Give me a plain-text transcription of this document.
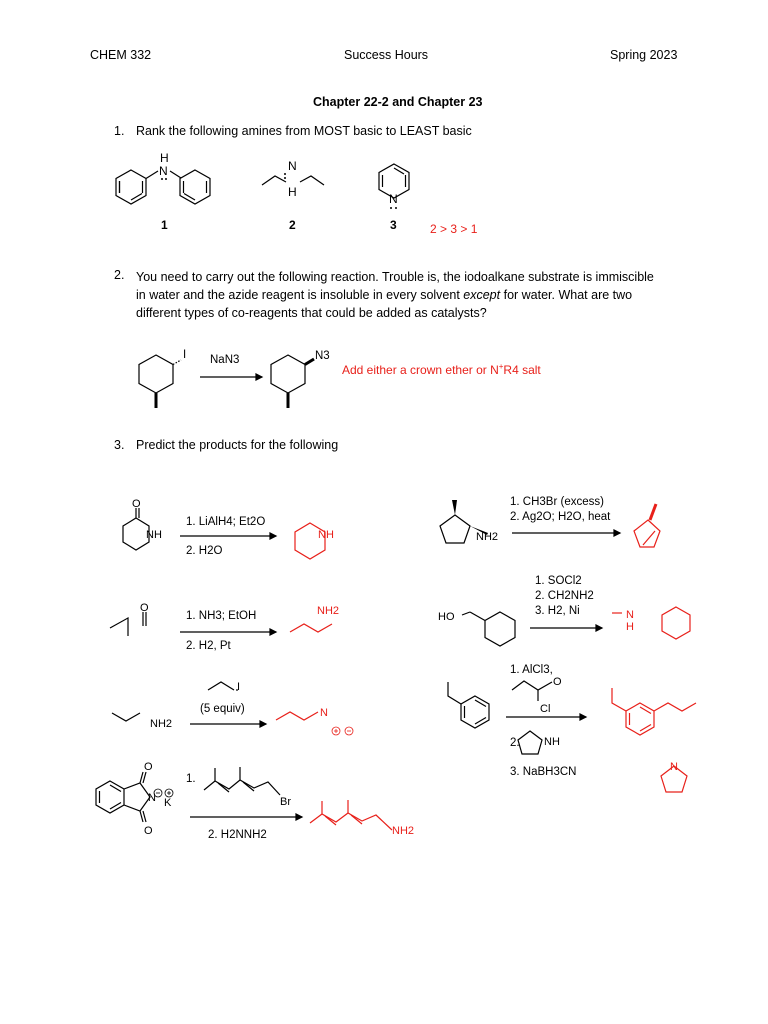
CHEM 332	Success Hours	Spring 2023
Chapter 22-2 and Chapter 23
1. Rank the following amines from MOST basic to LEAST basic
H
N	N
H	N
1	2	3	2 > 3 > 1
2. You need to carry out the following reaction. Trouble is, the iodoalkane substrate is immiscible
in water and the azide reagent is insoluble in every solvent except for water. What are two
different types of co-reagents that could be added as catalysts?
I	N3
NaN3
Add either a crown ether or N+R4 salt
3. Predict the products for the following
O
NH
O
NH2
I
O
O
N K	Br
NH2
HO
O
Cl
NH
NH
NH2
N
NH2
N
H
N
1. LiAlH4; Et2O
2. H2O
1. NH3; EtOH
2. H2, Pt
(5 equiv)
1.
2. H2NNH2
1. CH3Br (excess)
2. Ag2O; H2O, heat
1. SOCl2
2. CH2NH2
3. H2, Ni
1. AlCl3,
2.
3. NaBH3CN
